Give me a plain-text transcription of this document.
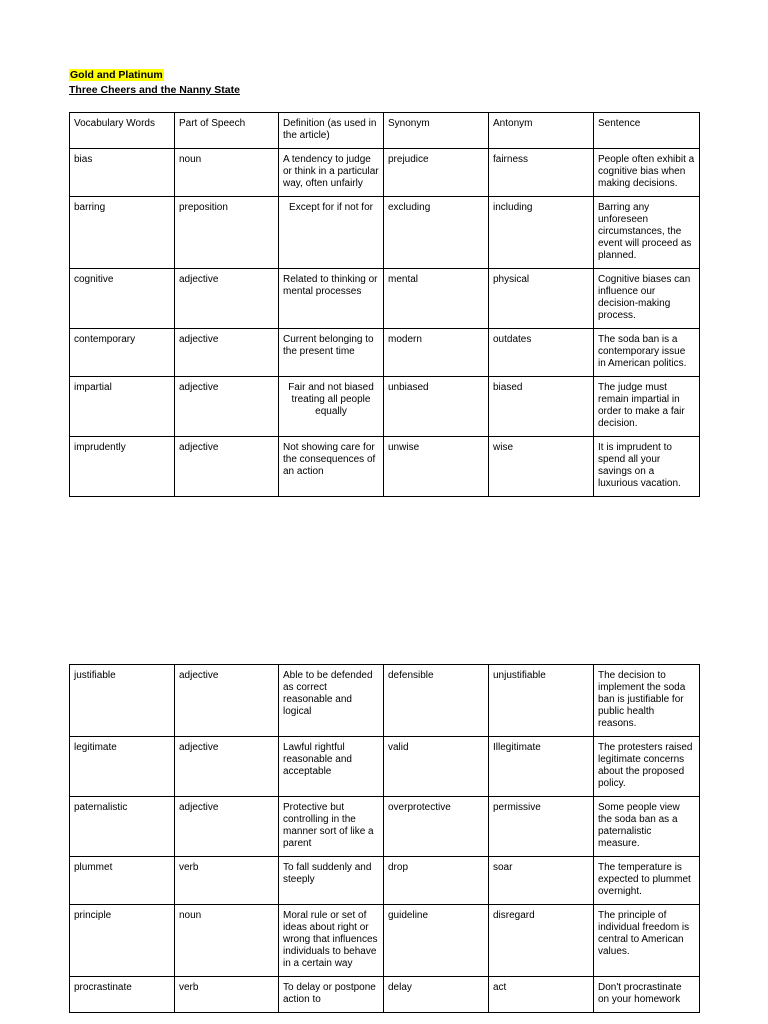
Gold and Platinum
Three Cheers and the Nanny State
Vocabulary Words	Part of Speech	Definition (as used in the article)	Synonym	Antonym	Sentence
bias	noun	A tendency to judge or think in a particular way, often unfairly	prejudice	fairness	People often exhibit a cognitive bias when making decisions.
barring	preposition	Except for if not for	excluding	including	Barring any unforeseen circumstances, the event will proceed as planned.
cognitive	adjective	Related to thinking or mental processes	mental	physical	Cognitive biases can influence our decision-making process.
contemporary	adjective	Current belonging to the present time	modern	outdates	The soda ban is a contemporary issue in American politics.
impartial	adjective	Fair and not biased treating all people equally	unbiased	biased	The judge must remain impartial in order to make a fair decision.
imprudently	adjective	Not showing care for the consequences of an action	unwise	wise	It is imprudent to spend all your savings on a luxurious vacation.
justifiable	adjective	Able to be defended as correct reasonable and logical	defensible	unjustifiable	The decision to implement the soda ban is justifiable for public health reasons.
legitimate	adjective	Lawful rightful reasonable and acceptable	valid	Illegitimate	The protesters raised legitimate concerns about the proposed policy.
paternalistic	adjective	Protective but controlling in the manner sort of like a parent	overprotective	permissive	Some people view the soda ban as a paternalistic measure.
plummet	verb	To fall suddenly and steeply	drop	soar	The temperature is expected to plummet overnight.
principle	noun	Moral rule or set of ideas about right or wrong that influences individuals to behave in a certain way	guideline	disregard	The principle of individual freedom is central to American values.
procrastinate	verb	To delay or postpone action to	delay	act	Don't procrastinate on your homework
